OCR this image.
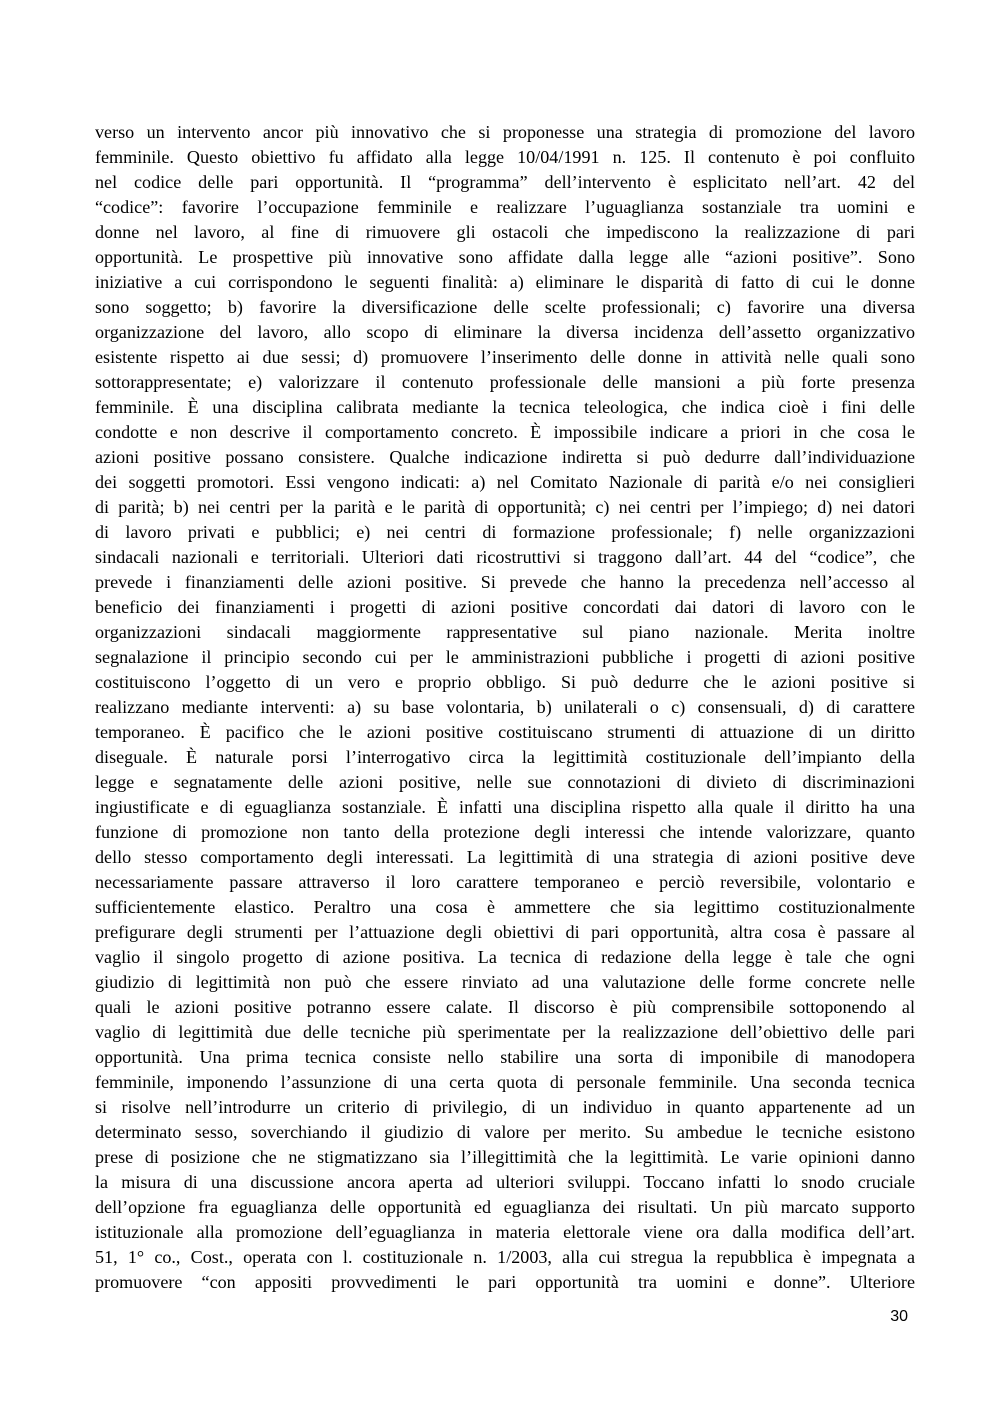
verso un intervento ancor più innovativo che si proponesse una strategia di promozione del lavoro
femminile. Questo obiettivo fu affidato alla legge 10/04/1991 n. 125. Il contenuto è poi confluito
nel codice delle pari opportunità. Il “programma” dell’intervento è esplicitato nell’art. 42 del
“codice”: favorire l’occupazione femminile e realizzare l’uguaglianza sostanziale tra uomini e
donne nel lavoro, al fine di rimuovere gli ostacoli che impediscono la realizzazione di pari
opportunità. Le prospettive più innovative sono affidate dalla legge alle “azioni positive”. Sono
iniziative a cui corrispondono le seguenti finalità: a) eliminare le disparità di fatto di cui le donne
sono soggetto; b) favorire la diversificazione delle scelte professionali; c) favorire una diversa
organizzazione del lavoro, allo scopo di eliminare la diversa incidenza dell’assetto organizzativo
esistente rispetto ai due sessi; d) promuovere l’inserimento delle donne in attività nelle quali sono
sottorappresentate; e) valorizzare il contenuto professionale delle mansioni a più forte presenza
femminile. È una disciplina calibrata mediante la tecnica teleologica, che indica cioè i fini delle
condotte e non descrive il comportamento concreto. È impossibile indicare a priori in che cosa le
azioni positive possano consistere. Qualche indicazione indiretta si può dedurre dall’individuazione
dei soggetti promotori. Essi vengono indicati: a) nel Comitato Nazionale di parità e/o nei consiglieri
di parità; b) nei centri per la parità e le parità di opportunità; c) nei centri per l’impiego; d) nei datori
di lavoro privati e pubblici; e) nei centri di formazione professionale; f) nelle organizzazioni
sindacali nazionali e territoriali. Ulteriori dati ricostruttivi si traggono dall’art. 44 del “codice”, che
prevede i finanziamenti delle azioni positive. Si prevede che hanno la precedenza nell’accesso al
beneficio dei finanziamenti i progetti di azioni positive concordati dai datori di lavoro con le
organizzazioni sindacali maggiormente rappresentative sul piano nazionale. Merita inoltre
segnalazione il principio secondo cui per le amministrazioni pubbliche i progetti di azioni positive
costituiscono l’oggetto di un vero e proprio obbligo. Si può dedurre che le azioni positive si
realizzano mediante interventi: a) su base volontaria, b) unilaterali o c) consensuali, d) di carattere
temporaneo. È pacifico che le azioni positive costituiscano strumenti di attuazione di un diritto
diseguale. È naturale porsi l’interrogativo circa la legittimità costituzionale dell’impianto della
legge e segnatamente delle azioni positive, nelle sue connotazioni di divieto di discriminazioni
ingiustificate e di eguaglianza sostanziale. È infatti una disciplina rispetto alla quale il diritto ha una
funzione di promozione non tanto della protezione degli interessi che intende valorizzare, quanto
dello stesso comportamento degli interessati. La legittimità di una strategia di azioni positive deve
necessariamente passare attraverso il loro carattere temporaneo e perciò reversibile, volontario e
sufficientemente elastico. Peraltro una cosa è ammettere che sia legittimo costituzionalmente
prefigurare degli strumenti per l’attuazione degli obiettivi di pari opportunità, altra cosa è passare al
vaglio il singolo progetto di azione positiva. La tecnica di redazione della legge è tale che ogni
giudizio di legittimità non può che essere rinviato ad una valutazione delle forme concrete nelle
quali le azioni positive potranno essere calate. Il discorso è più comprensibile sottoponendo al
vaglio di legittimità due delle tecniche più sperimentate per la realizzazione dell’obiettivo delle pari
opportunità. Una prima tecnica consiste nello stabilire una sorta di imponibile di manodopera
femminile, imponendo l’assunzione di una certa quota di personale femminile. Una seconda tecnica
si risolve nell’introdurre un criterio di privilegio, di un individuo in quanto appartenente ad un
determinato sesso, soverchiando il giudizio di valore per merito. Su ambedue le tecniche esistono
prese di posizione che ne stigmatizzano sia l’illegittimità che la legittimità. Le varie opinioni danno
la misura di una discussione ancora aperta ad ulteriori sviluppi. Toccano infatti lo snodo cruciale
dell’opzione fra eguaglianza delle opportunità ed eguaglianza dei risultati. Un più marcato supporto
istituzionale alla promozione dell’eguaglianza in materia elettorale viene ora dalla modifica dell’art.
51, 1° co., Cost., operata con l. costituzionale n. 1/2003, alla cui stregua la repubblica è impegnata a
promuovere “con appositi provvedimenti le pari opportunità tra uomini e donne”. Ulteriore
30
